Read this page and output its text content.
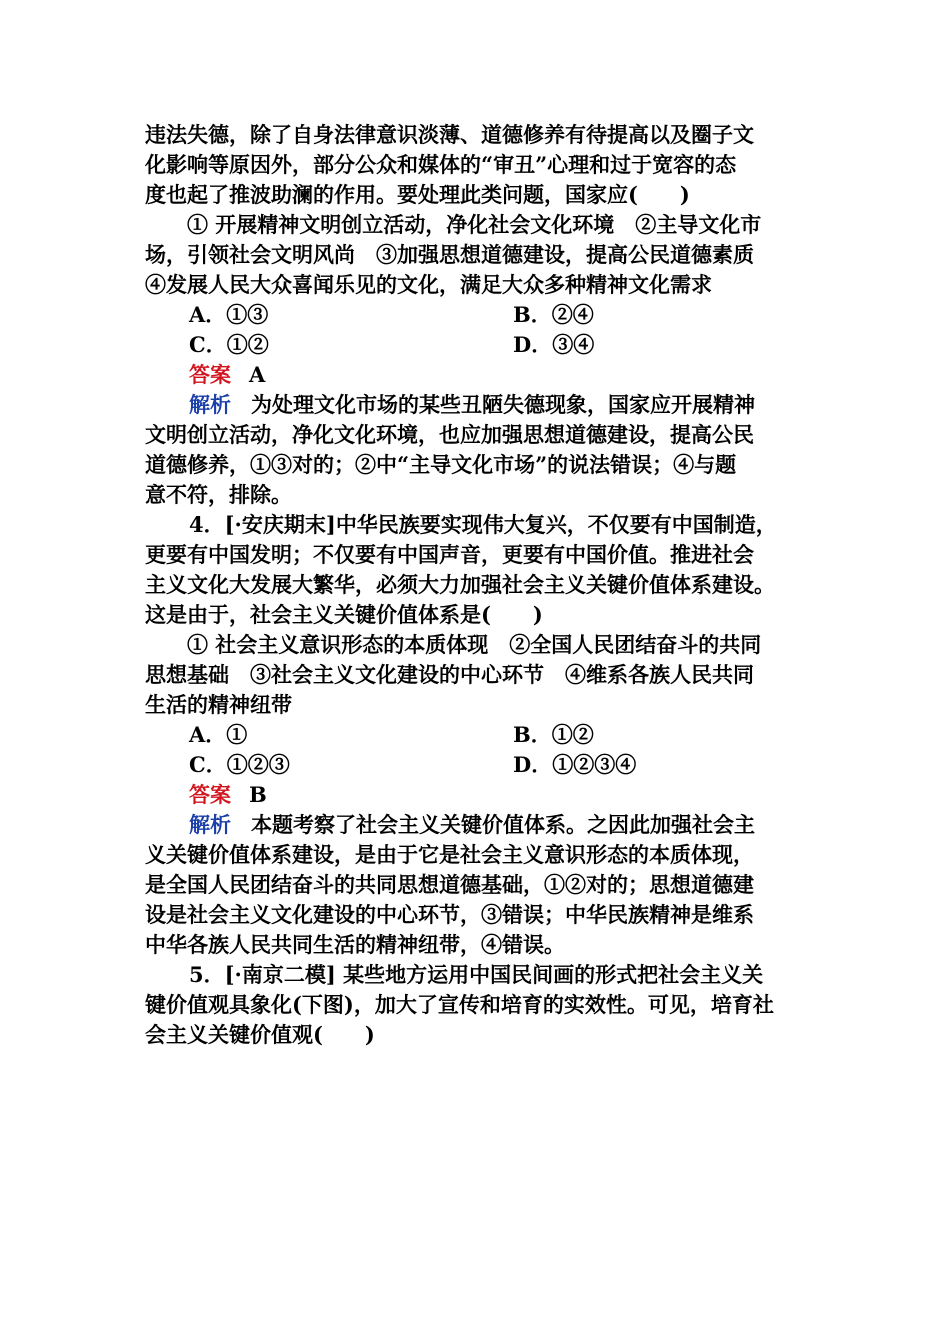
违法失德，除了自身法律意识淡薄、道德修养有待提高以及圈子文
化影响等原因外，部分公众和媒体的“审丑”心理和过于宽容的态
度也起了推波助澜的作用。要处理此类问题，国家应(　　)
① 开展精神文明创立活动，净化社会文化环境　②主导文化市
场，引领社会文明风尚　③加强思想道德建设，提高公民道德素质
④发展人民大众喜闻乐见的文化，满足大众多种精神文化需求
A．①③	B．②④
C．①②	D．③④
答案 A
解析 为处理文化市场的某些丑陋失德现象，国家应开展精神
文明创立活动，净化文化环境，也应加强思想道德建设，提高公民
道德修养，①③对的；②中“主导文化市场”的说法错误；④与题
意不符，排除。
4．[·安庆期末]中华民族要实现伟大复兴，不仅要有中国制造，
更要有中国发明；不仅要有中国声音，更要有中国价值。推进社会
主义文化大发展大繁华，必须大力加强社会主义关键价值体系建设。
这是由于，社会主义关键价值体系是(　　)
① 社会主义意识形态的本质体现　②全国人民团结奋斗的共同
思想基础　③社会主义文化建设的中心环节　④维系各族人民共同
生活的精神纽带
A．①	B．①②
C．①②③	D．①②③④
答案 B
解析 本题考察了社会主义关键价值体系。之因此加强社会主
义关键价值体系建设，是由于它是社会主义意识形态的本质体现，
是全国人民团结奋斗的共同思想道德基础，①②对的；思想道德建
设是社会主义文化建设的中心环节，③错误；中华民族精神是维系
中华各族人民共同生活的精神纽带，④错误。
5．[·南京二模] 某些地方运用中国民间画的形式把社会主义关
键价值观具象化(下图)，加大了宣传和培育的实效性。可见，培育社
会主义关键价值观(　　)
